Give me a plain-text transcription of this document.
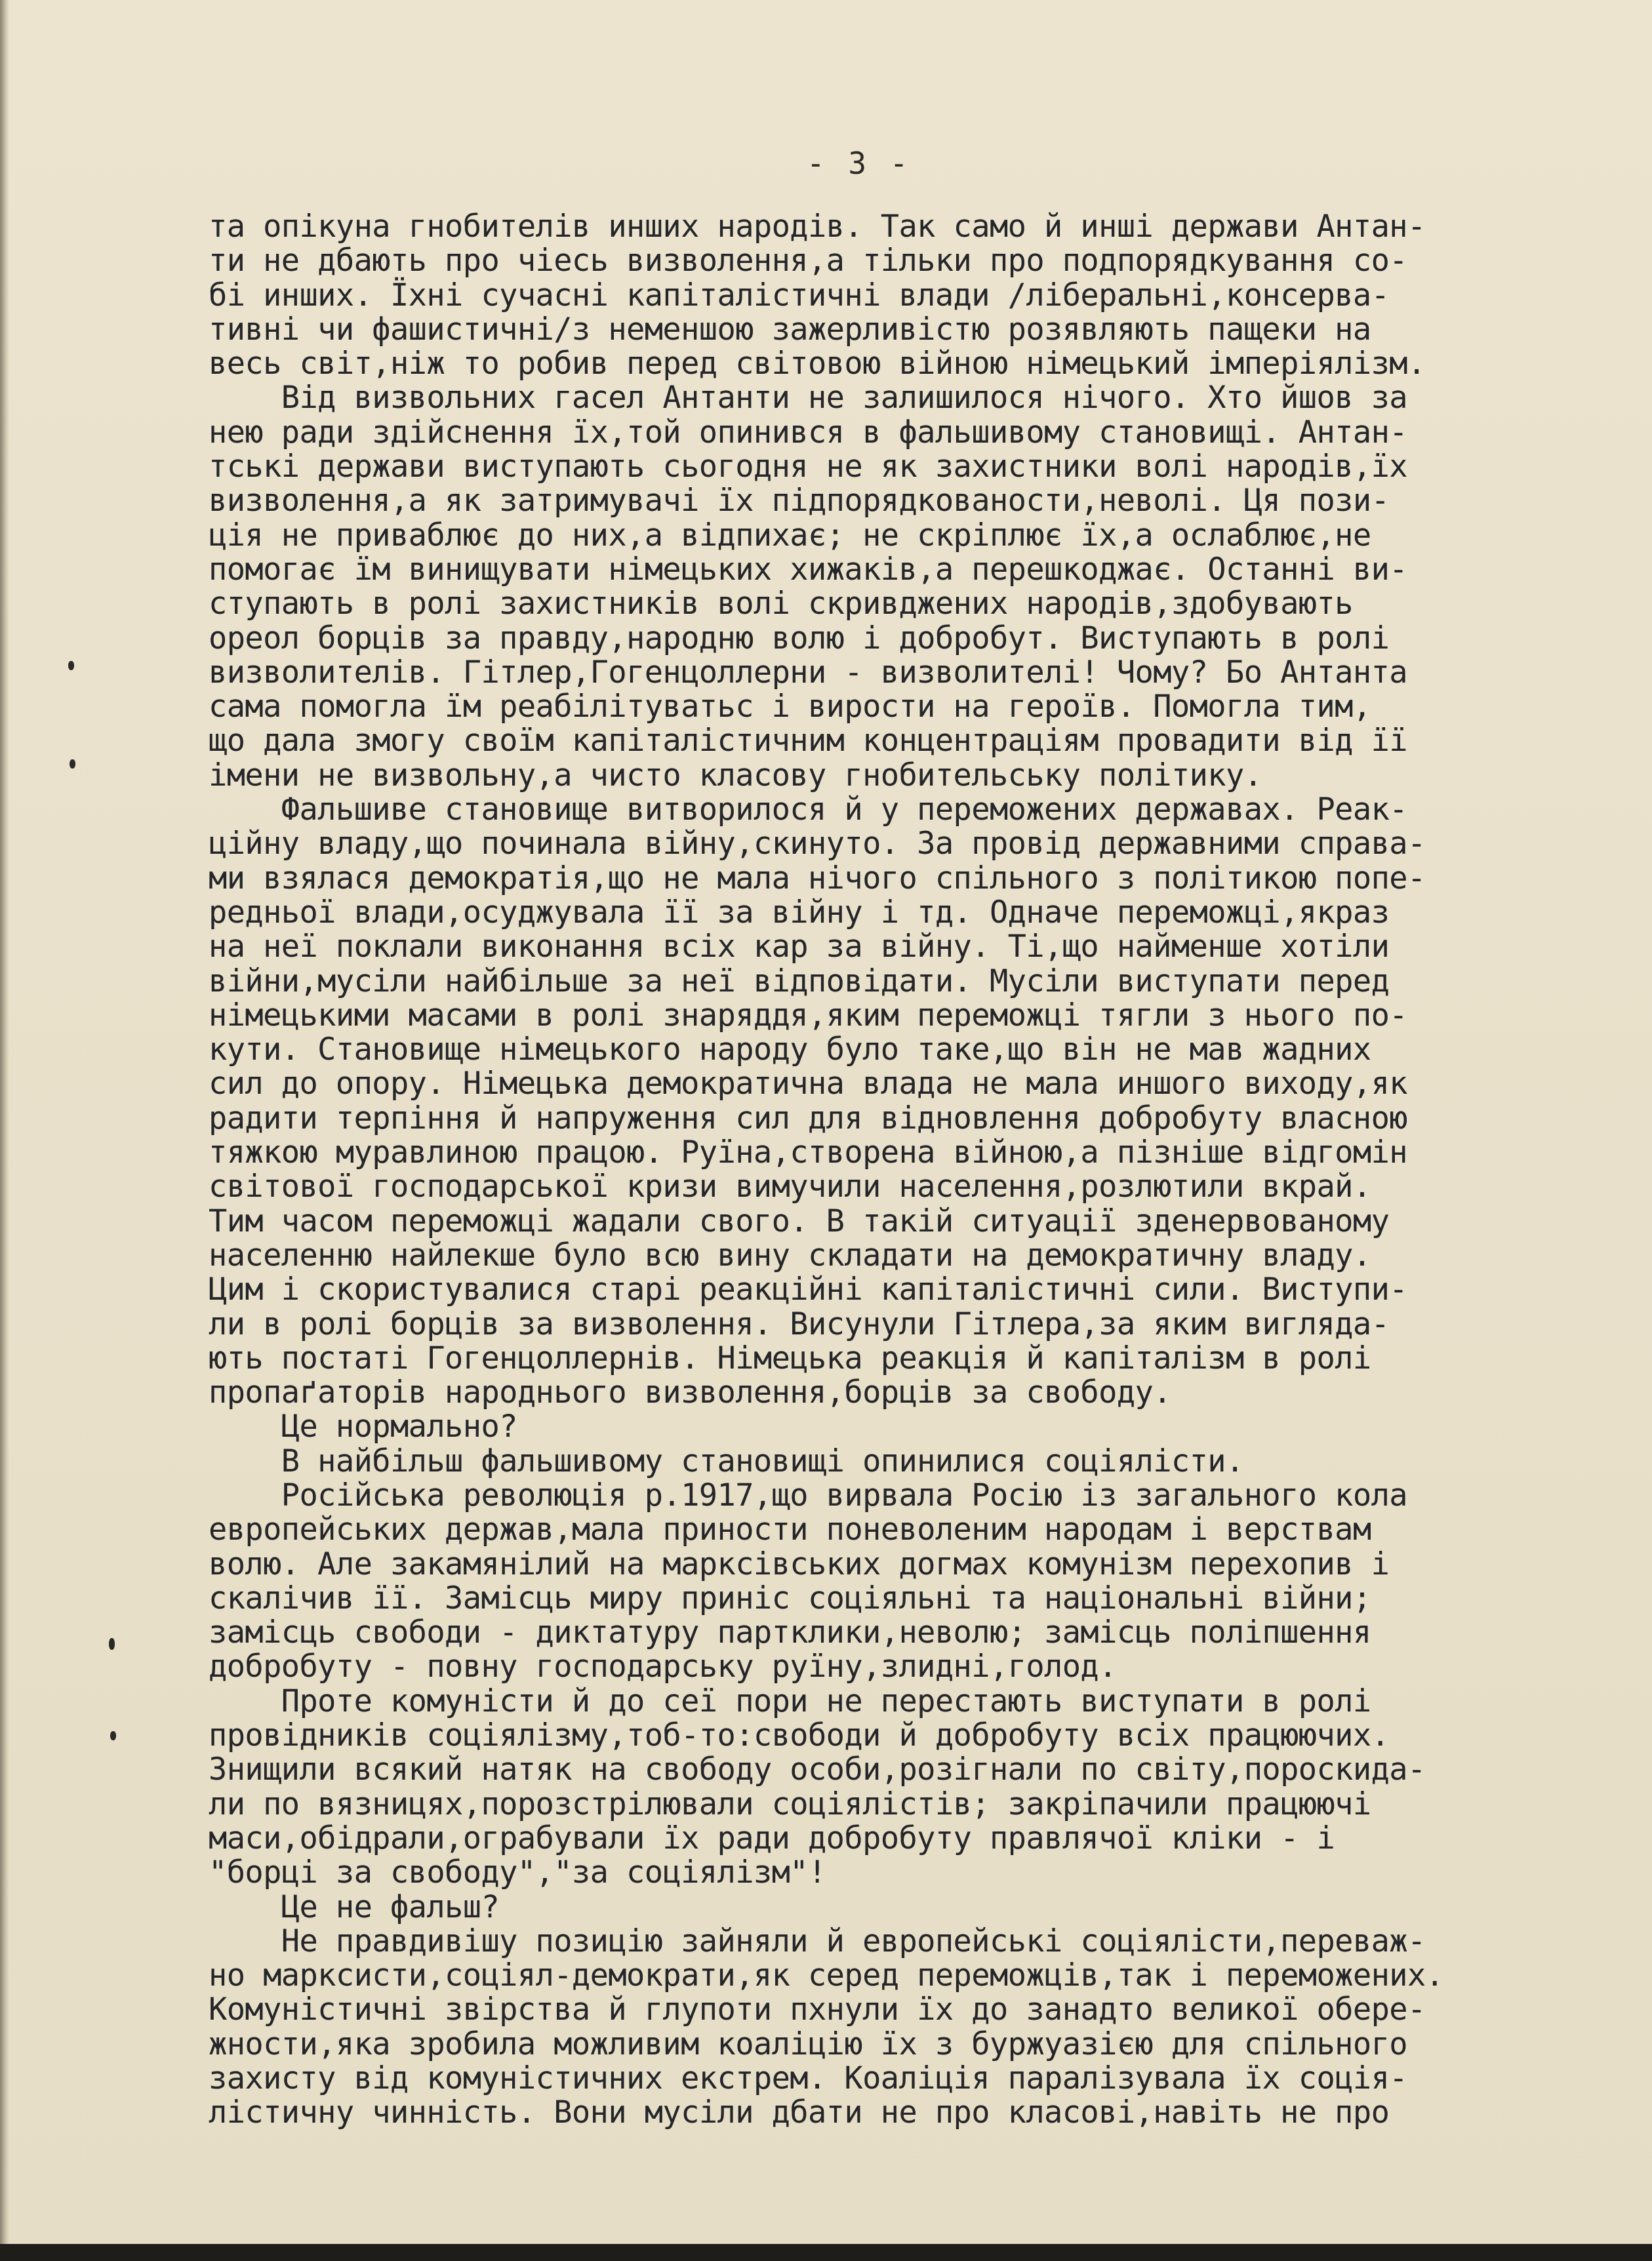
- 3 -
та опікуна гнобителів инших народів. Так само й инші держави Антан-
ти не дбають про чіесь визволення,а тільки про подпорядкування со-
бі инших. Їхні сучасні капіталістичні влади /ліберальні,консерва-
тивні чи фашистичні/з неменшою зажерливістю розявляють пащеки на
весь світ,ніж то робив перед світовою війною німецький імперіялізм.
Від визвольних гасел Антанти не залишилося нічого. Хто йшов за
нею ради здійснення їх,той опинився в фальшивому становищі. Антан-
тські держави виступають сьогодня не як захистники волі народів,їх
визволення,а як затримувачі їх підпорядкованости,неволі. Ця пози-
ція не приваблює до них,а відпихає; не скріплює їх,а ослаблює,не
помогає їм винищувати німецьких хижаків,а перешкоджає. Останні ви-
ступають в ролі захистників волі скривджених народів,здобувають
ореол борців за правду,народню волю і добробут. Виступають в ролі
визволителів. Гітлер,Гогенцоллерни - визволителі! Чому? Бо Антанта
сама помогла їм реабілітуватьс і вирости на героїв. Помогла тим,
що дала змогу своїм капіталістичним концентраціям провадити від її
імени не визвольну,а чисто класову гнобительську політику.
Фальшиве становище витворилося й у переможених державах. Реак-
ційну владу,що починала війну,скинуто. За провід державними справа-
ми взялася демократія,що не мала нічого спільного з політикою попе-
редньої влади,осуджувала її за війну і тд. Одначе переможці,якраз
на неї поклали виконання всіх кар за війну. Ті,що найменше хотіли
війни,мусіли найбільше за неї відповідати. Мусіли виступати перед
німецькими масами в ролі знаряддя,яким переможці тягли з нього по-
кути. Становище німецького народу було таке,що він не мав жадних
сил до опору. Німецька демократична влада не мала иншого виходу,як
радити терпіння й напруження сил для відновлення добробуту власною
тяжкою муравлиною працою. Руїна,створена війною,а пізніше відгомін
світової господарської кризи вимучили населення,розлютили вкрай.
Тим часом переможці жадали свого. В такій ситуації зденервованому
населенню найлекше було всю вину складати на демократичну владу.
Цим і скористувалися старі реакційні капіталістичні сили. Виступи-
ли в ролі борців за визволення. Висунули Гітлера,за яким виглядa-
ють постаті Гогенцоллернів. Німецька реакція й капіталізм в ролі
пропаґаторів народнього визволення,борців за свободу.
Це нормально?
В найбільш фальшивому становищі опинилися соціялісти.
Російська революція р.1917,що вирвала Росію із загального кола
европейських держав,мала приности поневоленим народам і верствам
волю. Але закамянілий на марксівських догмах комунізм перехопив і
скалічив її. Замісць миру приніс соціяльні та національні війни;
замісць свободи - диктатуру партклики,неволю; замісць поліпшення
добробуту - повну господарську руїну,злидні,голод.
Проте комуністи й до сеї пори не перестають виступати в ролі
провідників соціялізму,тоб-то:свободи й добробуту всіх працюючих.
Знищили всякий натяк на свободу особи,розігнали по світу,пороскида-
ли по вязницях,порозстрілювали соціялістів; закріпачили працюючі
маси,обідрали,ограбували їх ради добробуту правлячої кліки - і
"борці за свободу","за соціялізм"!
Це не фальш?
Не правдивішу позицію зайняли й европейські соціялісти,переваж-
но марксисти,соціял-демократи,як серед переможців,так і переможених.
Комуністичні звірства й глупоти пхнули їх до занадто великої обере-
жности,яка зробила можливим коаліцію їх з буржуазією для спільного
захисту від комуністичних екстрем. Коаліція паралізувала їх соція-
лістичну чинність. Вони мусіли дбати не про класові,навіть не про
